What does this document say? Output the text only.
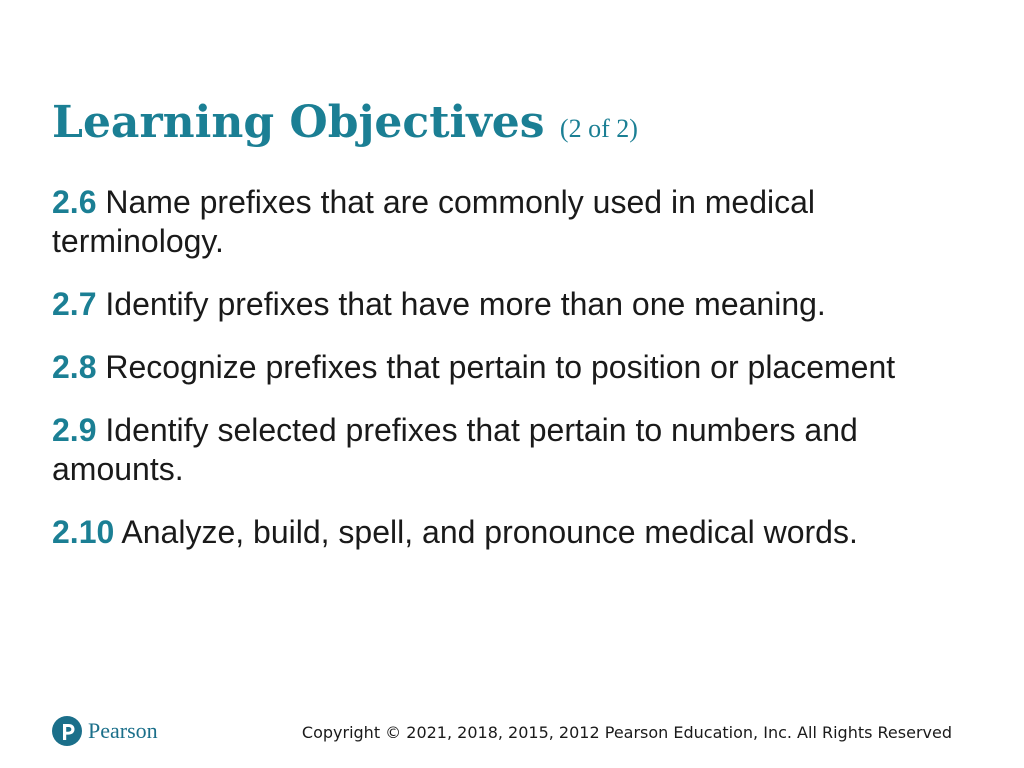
Learning Objectives (2 of 2)
2.6 Name prefixes that are commonly used in medical terminology.
2.7 Identify prefixes that have more than one meaning.
2.8 Recognize prefixes that pertain to position or placement
2.9 Identify selected prefixes that pertain to numbers and amounts.
2.10 Analyze, build, spell, and pronounce medical words.
Pearson	Copyright © 2021, 2018, 2015, 2012 Pearson Education, Inc. All Rights Reserved
